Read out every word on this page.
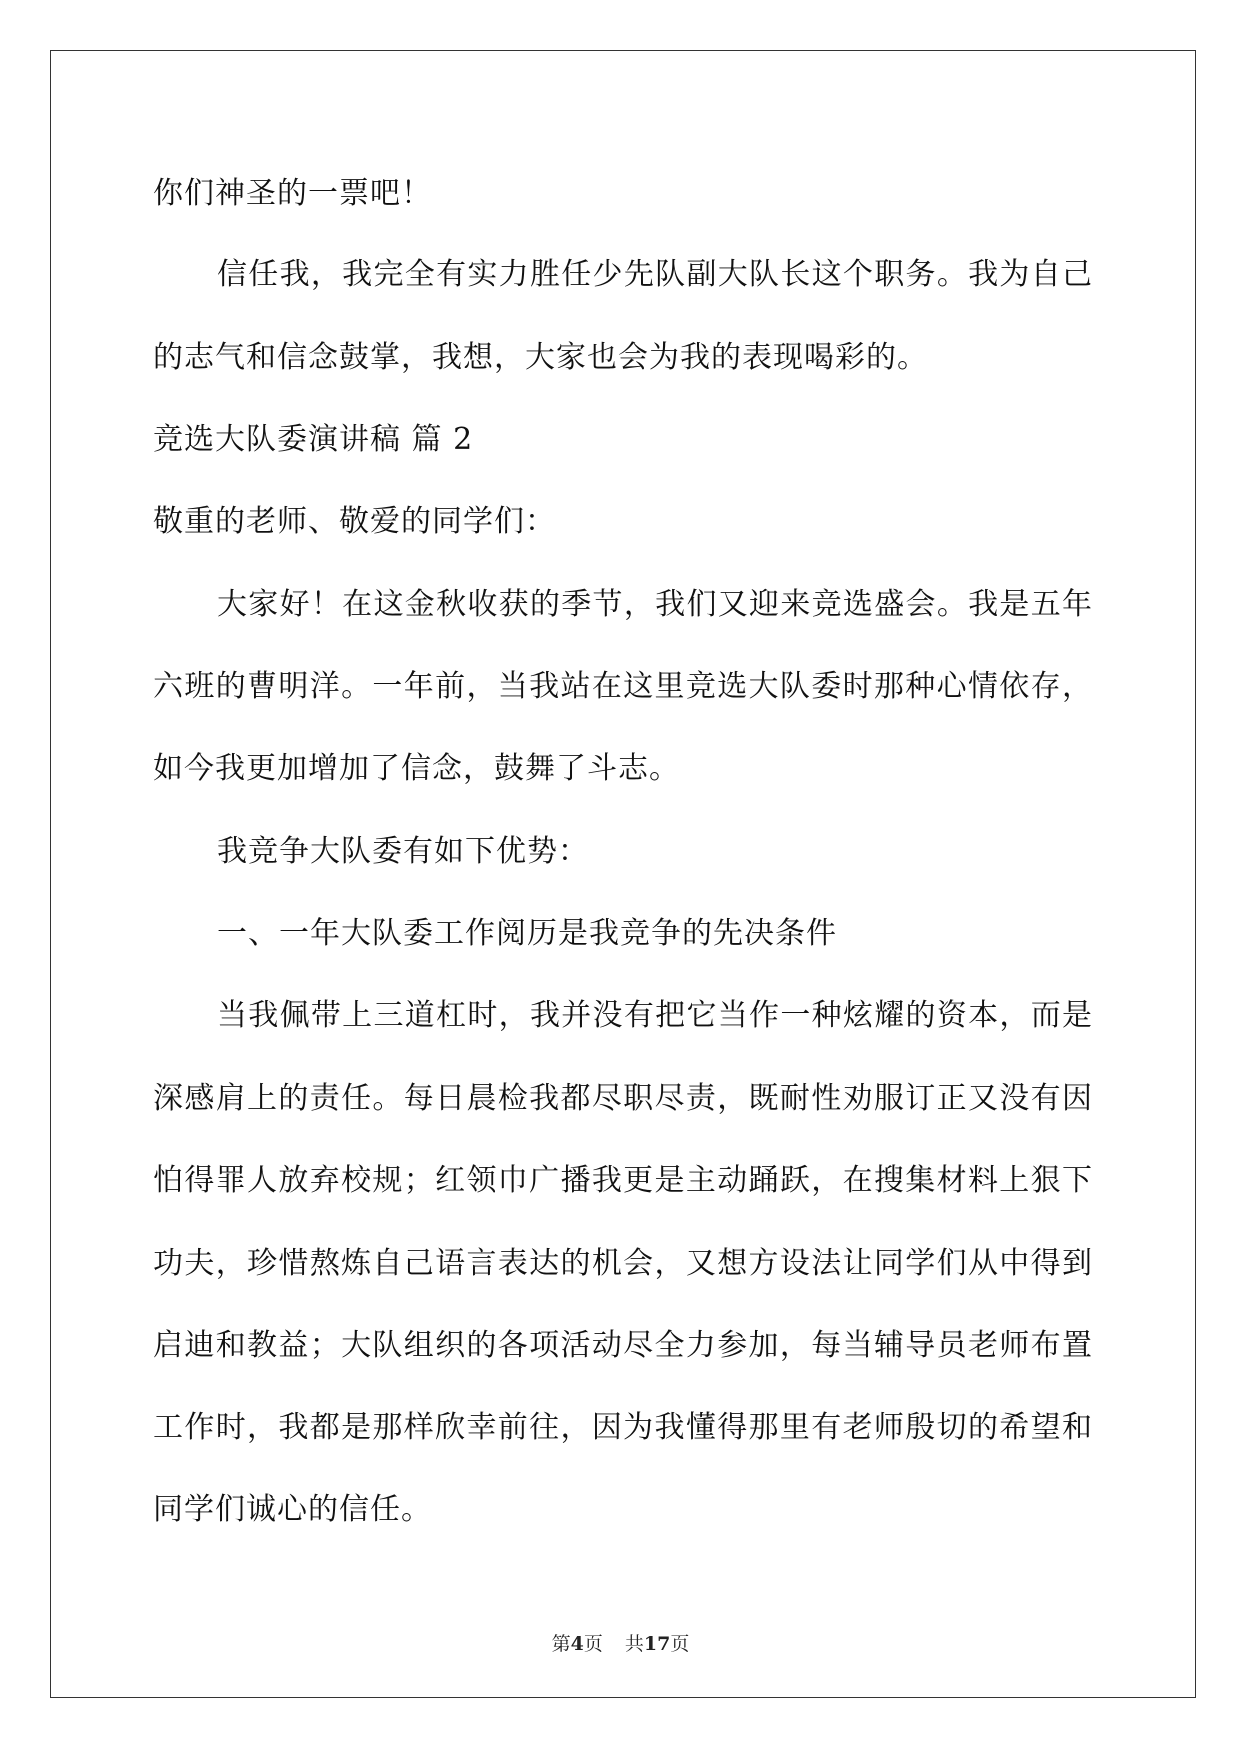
你们神圣的一票吧！
信任我，我完全有实力胜任少先队副大队长这个职务。我为自己
的志气和信念鼓掌，我想，大家也会为我的表现喝彩的。
竞选大队委演讲稿 篇 2
敬重的老师、敬爱的同学们：
大家好！在这金秋收获的季节，我们又迎来竞选盛会。我是五年
六班的曹明洋。一年前，当我站在这里竞选大队委时那种心情依存，
如今我更加增加了信念，鼓舞了斗志。
我竞争大队委有如下优势：
一、一年大队委工作阅历是我竞争的先决条件
当我佩带上三道杠时，我并没有把它当作一种炫耀的资本，而是
深感肩上的责任。每日晨检我都尽职尽责，既耐性劝服订正又没有因
怕得罪人放弃校规；红领巾广播我更是主动踊跃，在搜集材料上狠下
功夫，珍惜熬炼自己语言表达的机会，又想方设法让同学们从中得到
启迪和教益；大队组织的各项活动尽全力参加，每当辅导员老师布置
工作时，我都是那样欣幸前往，因为我懂得那里有老师殷切的希望和
同学们诚心的信任。
第4页 共17页
